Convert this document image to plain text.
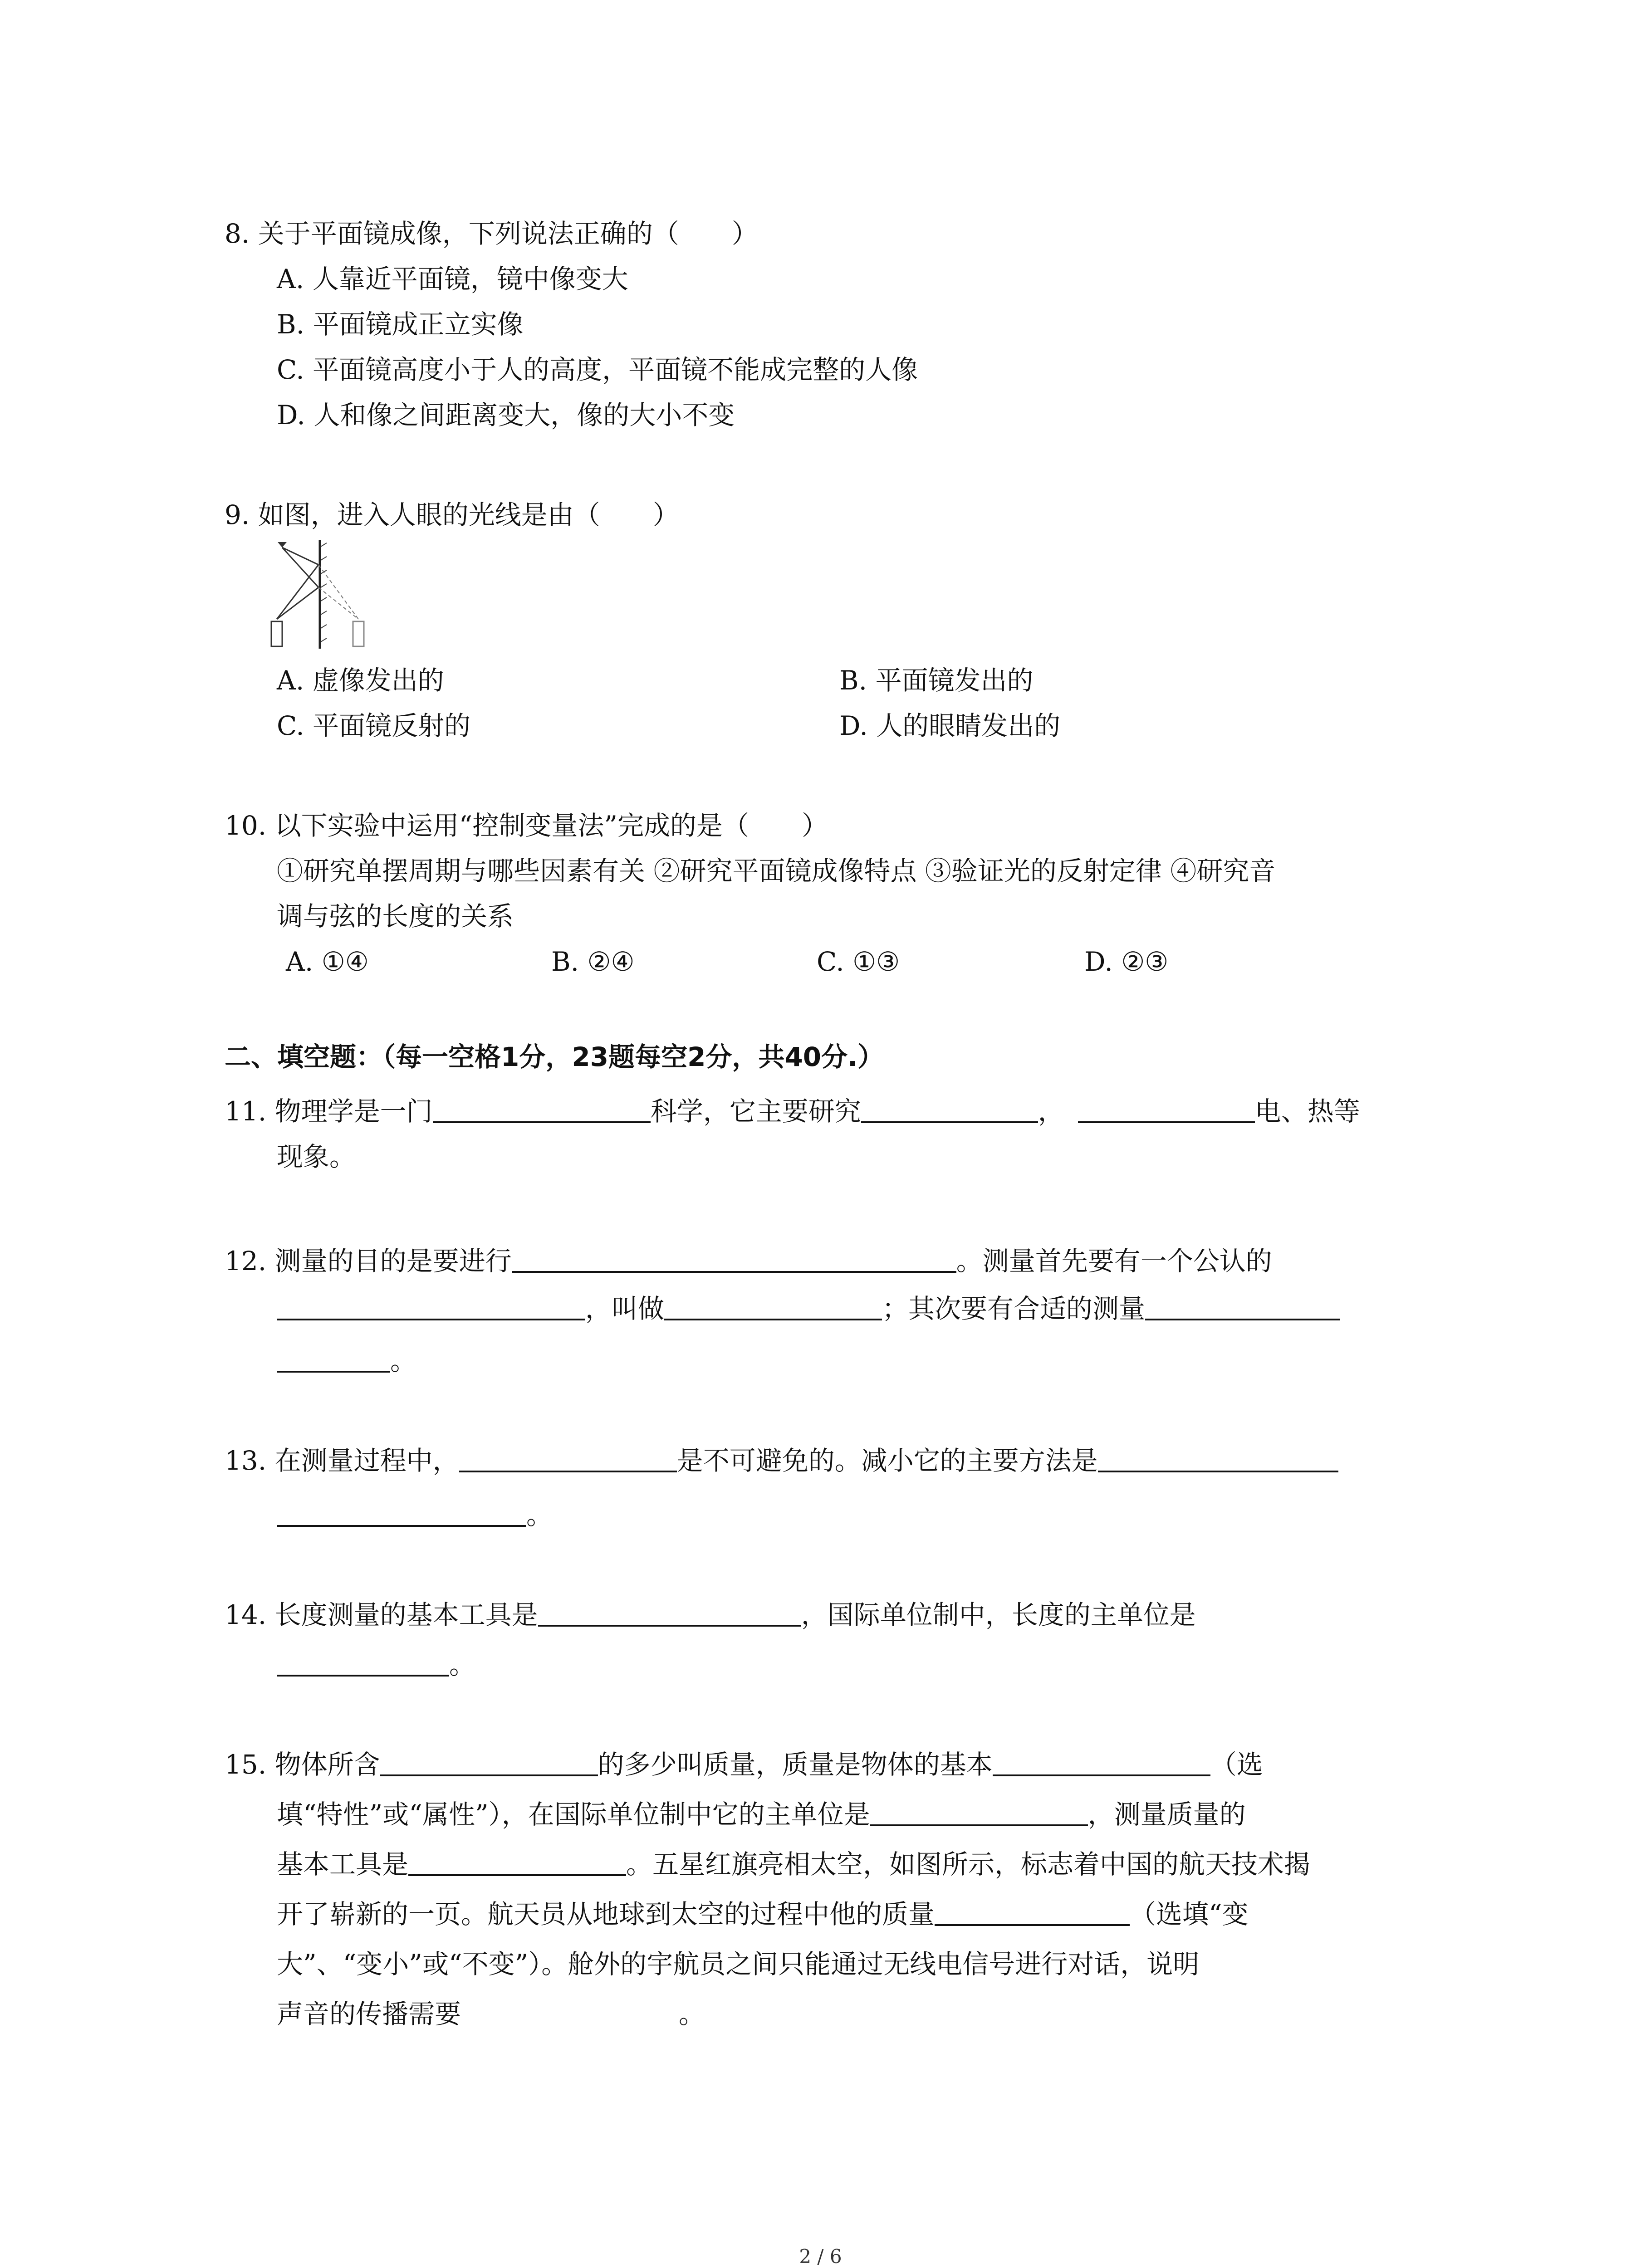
8. 关于平面镜成像，下列说法正确的（　　）
A. 人靠近平面镜，镜中像变大
B. 平面镜成正立实像
C. 平面镜高度小于人的高度，平面镜不能成完整的人像
D. 人和像之间距离变大，像的大小不变
9. 如图，进入人眼的光线是由（　　）
A. 虚像发出的	B. 平面镜发出的
C. 平面镜反射的	D. 人的眼睛发出的
10. 以下实验中运用“控制变量法”完成的是（　　）
①研究单摆周期与哪些因素有关 ②研究平面镜成像特点 ③验证光的反射定律 ④研究音
调与弦的长度的关系
A. ①④	B. ②④	C. ①③	D. ②③
二、填空题：（每一空格1分，23题每空2分，共40分.）
11. 物理学是一门	科学，它主要研究	，	电、热等
现象。
12. 测量的目的是要进行	。测量首先要有一个公认的
，叫做	；其次要有合适的测量
。
13. 在测量过程中，	是不可避免的。减小它的主要方法是
。
14. 长度测量的基本工具是	，国际单位制中，长度的主单位是
。
15. 物体所含	的多少叫质量，质量是物体的基本	（选
填“特性”或“属性”），在国际单位制中它的主单位是	，测量质量的
基本工具是	。五星红旗亮相太空，如图所示，标志着中国的航天技术揭
开了崭新的一页。航天员从地球到太空的过程中他的质量	（选填“变
大”、“变小”或“不变”）。舱外的宇航员之间只能通过无线电信号进行对话，说明
声音的传播需要	。
2 / 6
